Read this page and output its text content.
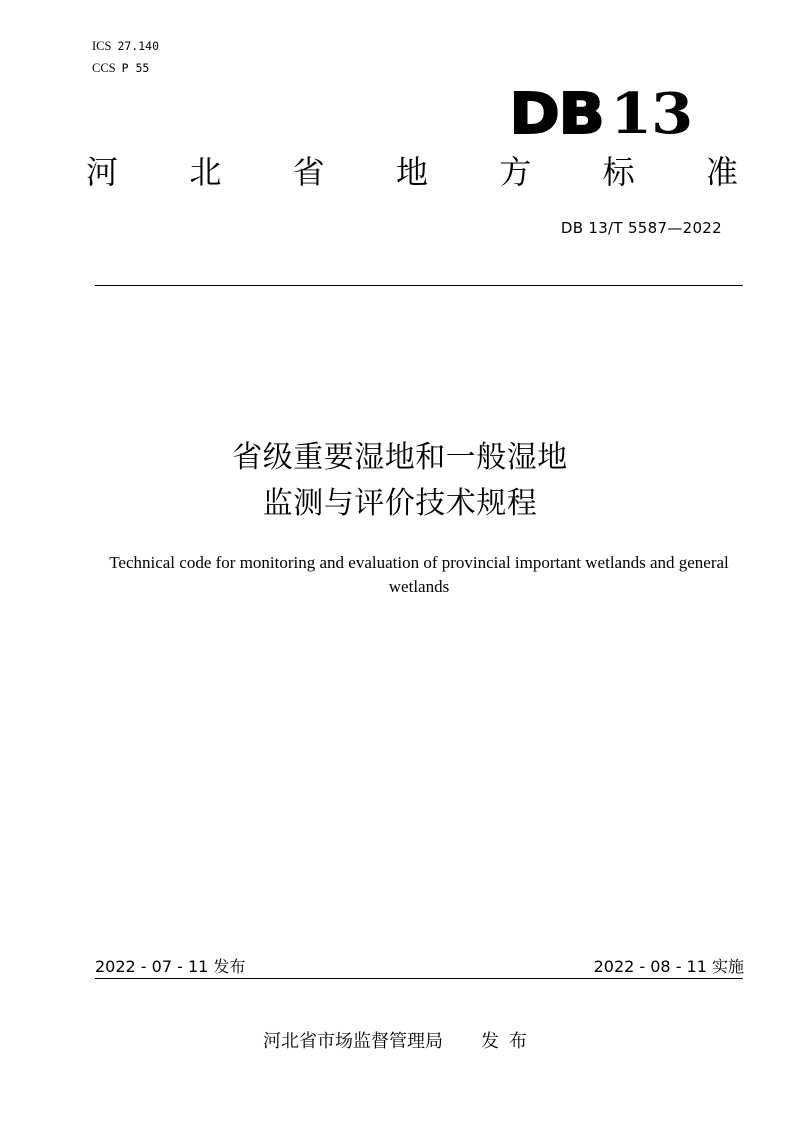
ICS 27.140
CCS P 55
DB 13
河 北 省 地 方 标 准
DB 13/T 5587—2022
省级重要湿地和一般湿地
监测与评价技术规程
Technical code for monitoring and evaluation of provincial important wetlands and general wetlands
2022 - 07 - 11 发布	2022 - 08 - 11 实施
河北省市场监督管理局 发布
